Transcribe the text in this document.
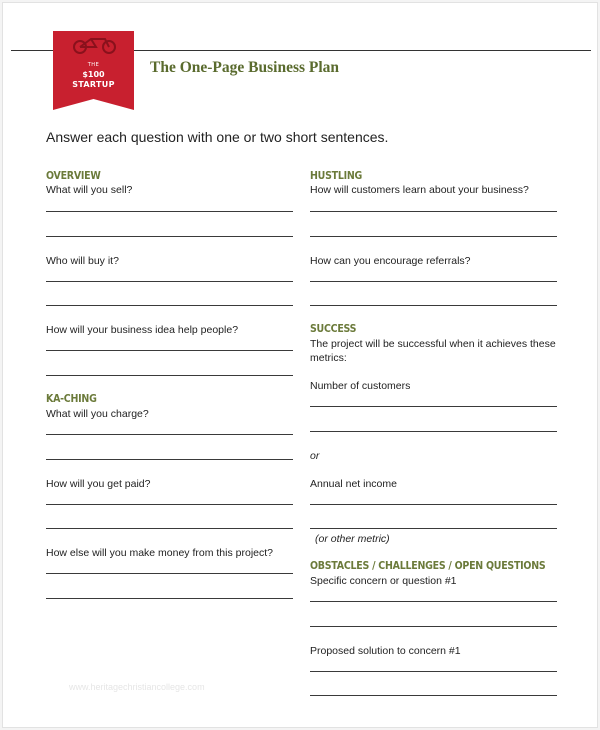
THE
$100
STARTUP
The One-Page Business Plan
Answer each question with one or two short sentences.
OVERVIEW
What will you sell?
Who will buy it?
How will your business idea help people?
KA-CHING
What will you charge?
How will you get paid?
How else will you make money from this project?
HUSTLING
How will customers learn about your business?
How can you encourage referrals?
SUCCESS
The project will be successful when it achieves these metrics:
Number of customers
or
Annual net income
(or other metric)
OBSTACLES / CHALLENGES / OPEN QUESTIONS
Specific concern or question #1
Proposed solution to concern #1
www.heritagechristiancollege.com
